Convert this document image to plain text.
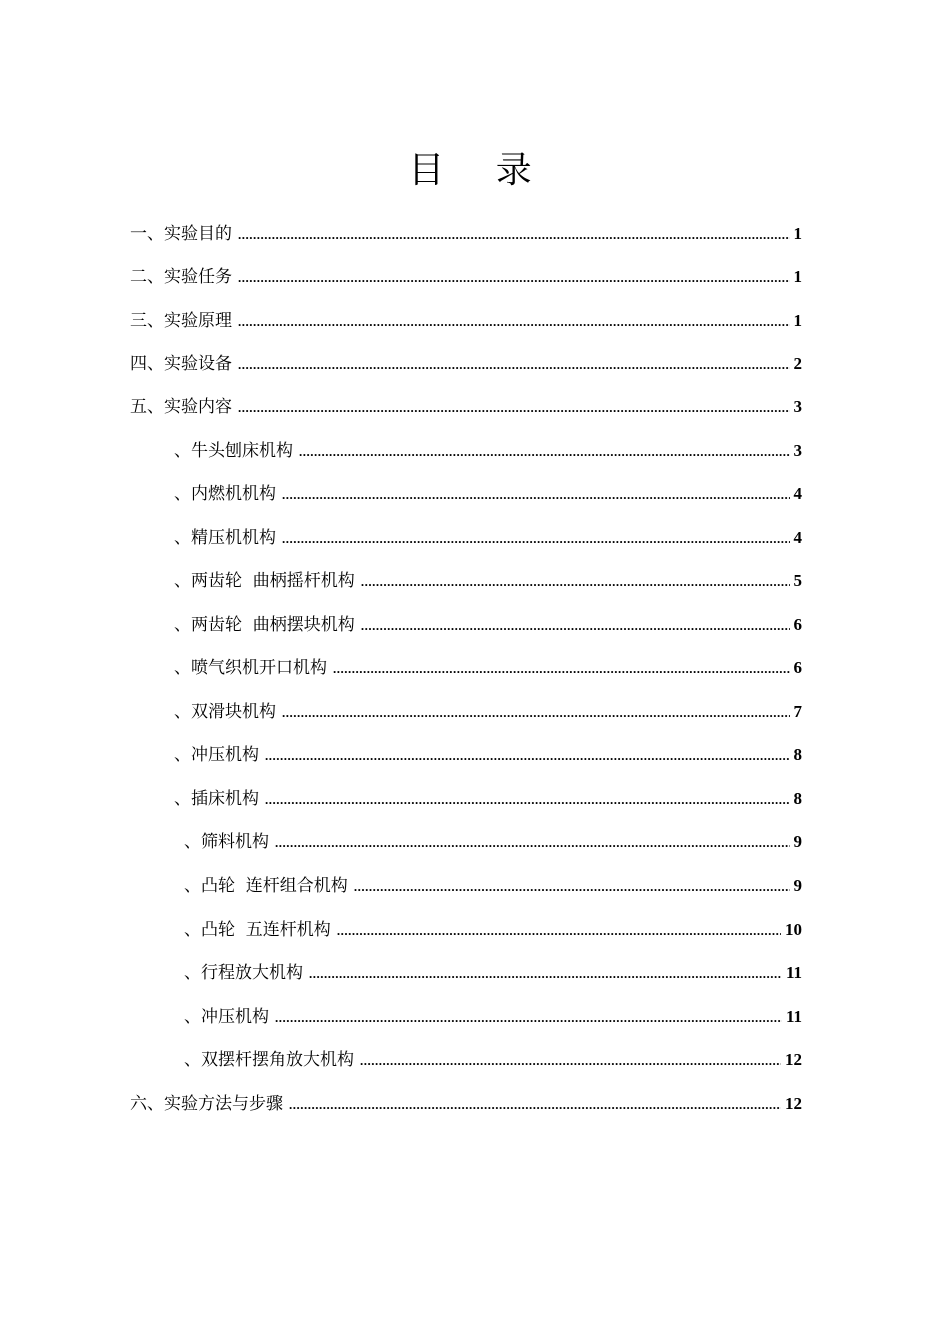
目 录
一、实验目的 .....	1
二、实验任务 .....	1
三、实验原理 .....	1
四、实验设备 .....	2
五、实验内容 .....	3
、牛头刨床机构 .....	3
、内燃机机构 .....	4
、精压机机构 .....	4
、两齿轮  曲柄摇杆机构 .....	5
、两齿轮  曲柄摆块机构 .....	6
、喷气织机开口机构 .....	6
、双滑块机构 .....	7
、冲压机构 .....	8
、插床机构 .....	8
、筛料机构 .....	9
、凸轮  连杆组合机构 .....	9
、凸轮  五连杆机构 .....	10
、行程放大机构 .....	11
、冲压机构 .....	11
、双摆杆摆角放大机构 .....	12
六、实验方法与步骤 .....	12
